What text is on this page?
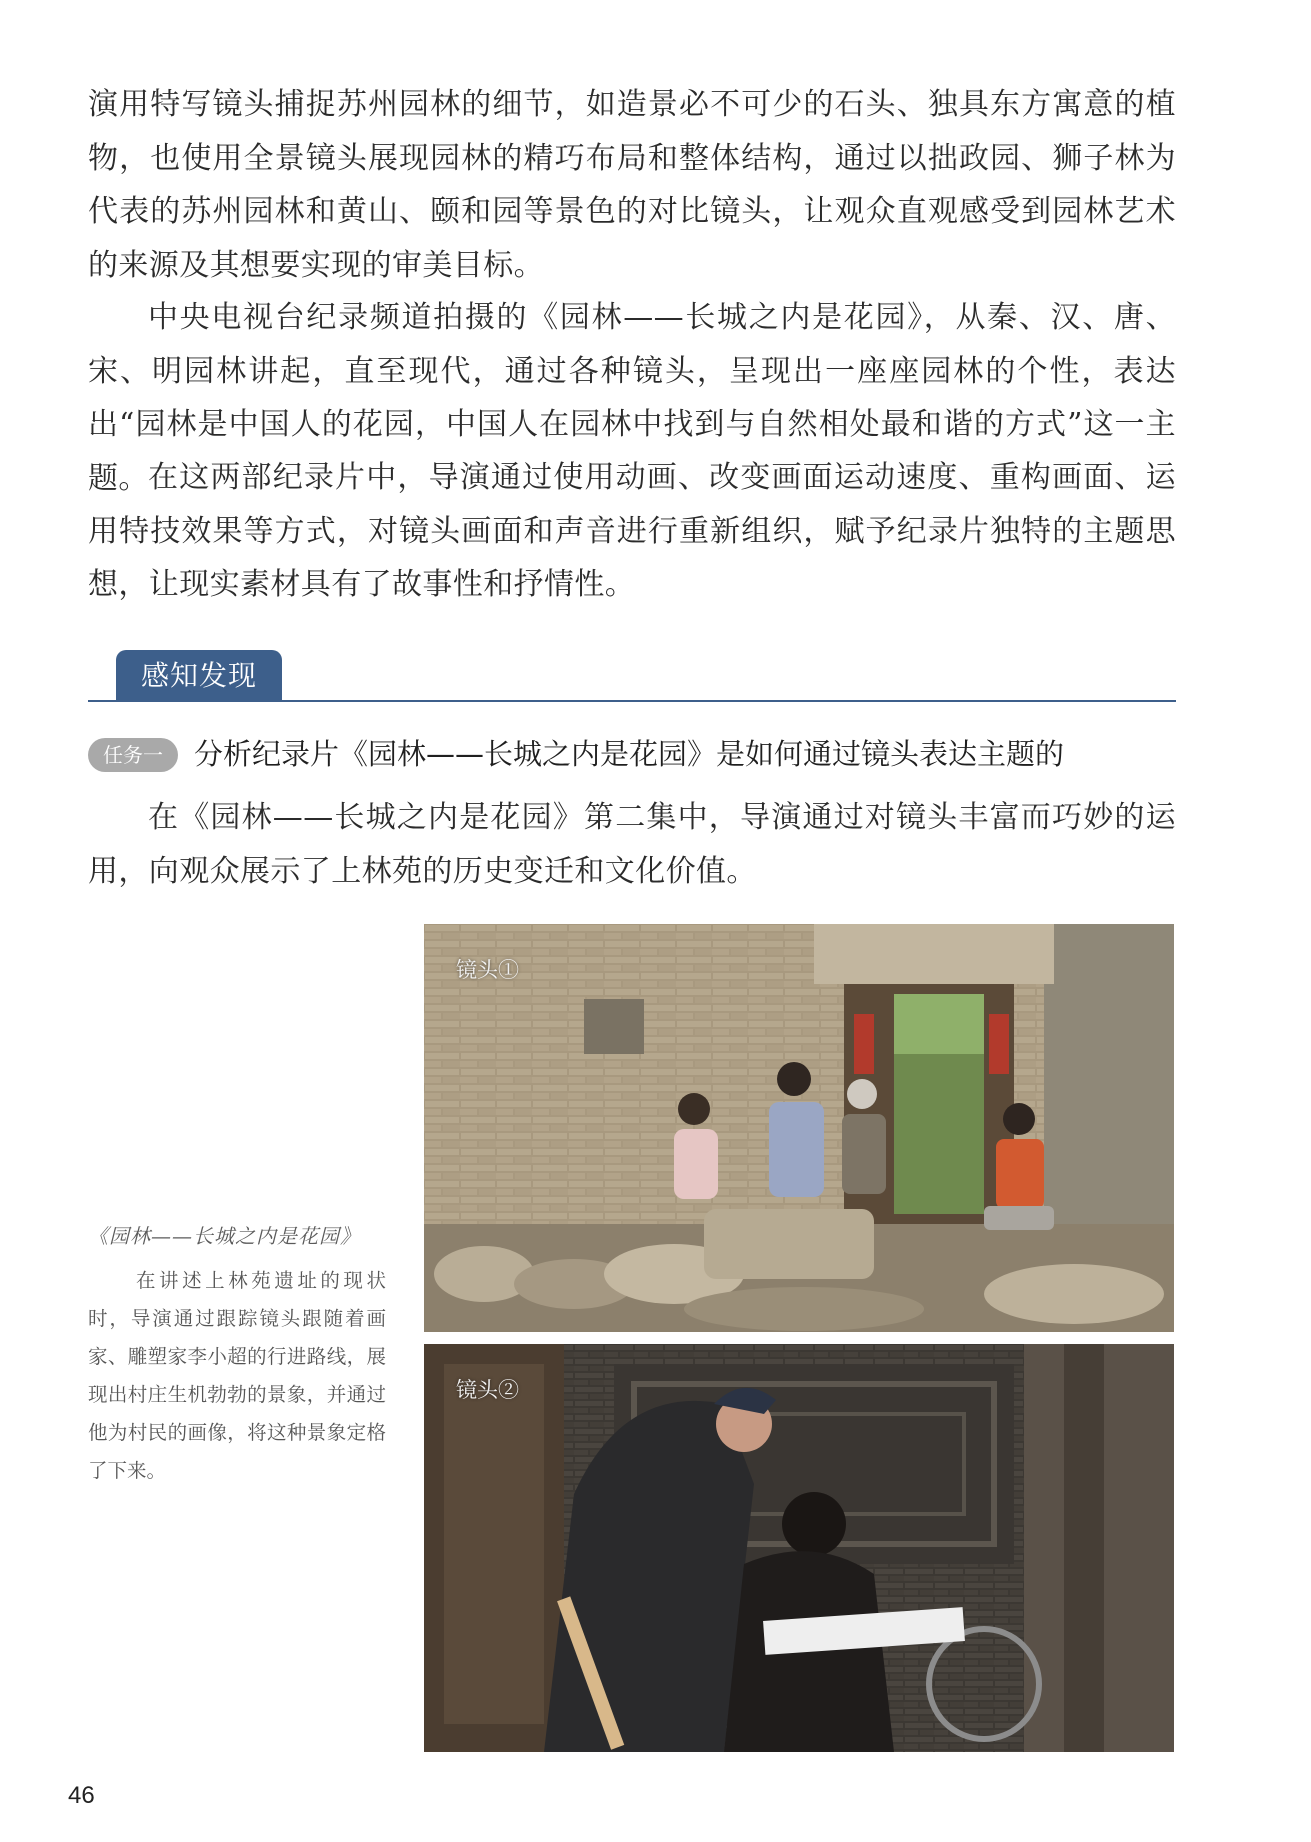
演用特写镜头捕捉苏州园林的细节，如造景必不可少的石头、独具东方寓意的植物，也使用全景镜头展现园林的精巧布局和整体结构，通过以拙政园、狮子林为代表的苏州园林和黄山、颐和园等景色的对比镜头，让观众直观感受到园林艺术的来源及其想要实现的审美目标。

中央电视台纪录频道拍摄的《园林——长城之内是花园》，从秦、汉、唐、宋、明园林讲起，直至现代，通过各种镜头，呈现出一座座园林的个性，表达出“园林是中国人的花园，中国人在园林中找到与自然相处最和谐的方式”这一主题。 在这两部纪录片中，导演通过使用动画、改变画面运动速度、重构画面、运用特技效果等方式，对镜头画面和声音进行重新组织，赋予纪录片独特的主题思想，让现实素材具有了故事性和抒情性。

感知发现
任务一	分析纪录片《园林——长城之内是花园》是如何通过镜头表达主题的

在《园林——长城之内是花园》第二集中，导演通过对镜头丰富而巧妙的运用，向观众展示了上林苑的历史变迁和文化价值。

《园林——长城之内是花园》

在讲述上林苑遗址的现状时，导演通过跟踪镜头跟随着画家、雕塑家李小超的行进路线，展现出村庄生机勃勃的景象，并通过他为村民的画像，将这种景象定格了下来。

镜头①
镜头②
46
